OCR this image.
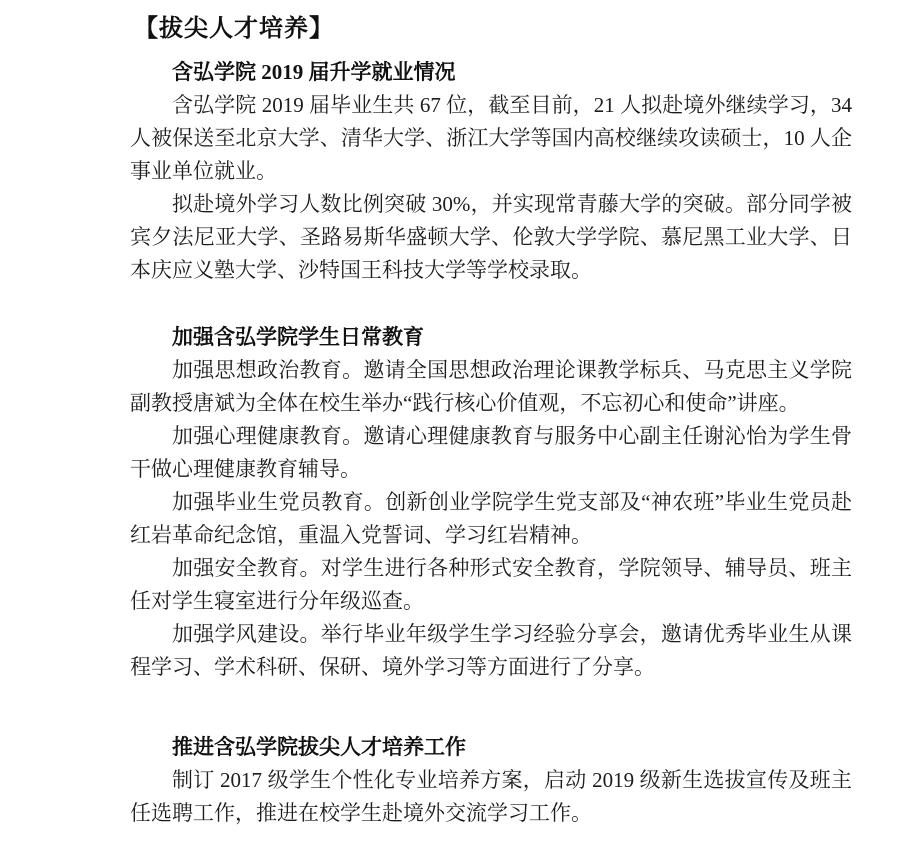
【拔尖人才培养】
含弘学院 2019 届升学就业情况

含弘学院 2019 届毕业生共 67 位，截至目前，21 人拟赴境外继续学习，34 人被保送至北京大学、清华大学、浙江大学等国内高校继续攻读硕士，10 人企事业单位就业。

拟赴境外学习人数比例突破 30%，并实现常青藤大学的突破。部分同学被宾夕法尼亚大学、圣路易斯华盛顿大学、伦敦大学学院、慕尼黑工业大学、日本庆应义塾大学、沙特国王科技大学等学校录取。

加强含弘学院学生日常教育

加强思想政治教育。邀请全国思想政治理论课教学标兵、马克思主义学院副教授唐斌为全体在校生举办“践行核心价值观，不忘初心和使命”讲座。

加强心理健康教育。邀请心理健康教育与服务中心副主任谢沁怡为学生骨干做心理健康教育辅导。

加强毕业生党员教育。创新创业学院学生党支部及“神农班”毕业生党员赴红岩革命纪念馆，重温入党誓词、学习红岩精神。

加强安全教育。对学生进行各种形式安全教育，学院领导、辅导员、班主任对学生寝室进行分年级巡查。

加强学风建设。举行毕业年级学生学习经验分享会，邀请优秀毕业生从课程学习、学术科研、保研、境外学习等方面进行了分享。

推进含弘学院拔尖人才培养工作

制订 2017 级学生个性化专业培养方案，启动 2019 级新生选拔宣传及班主任选聘工作，推进在校学生赴境外交流学习工作。
